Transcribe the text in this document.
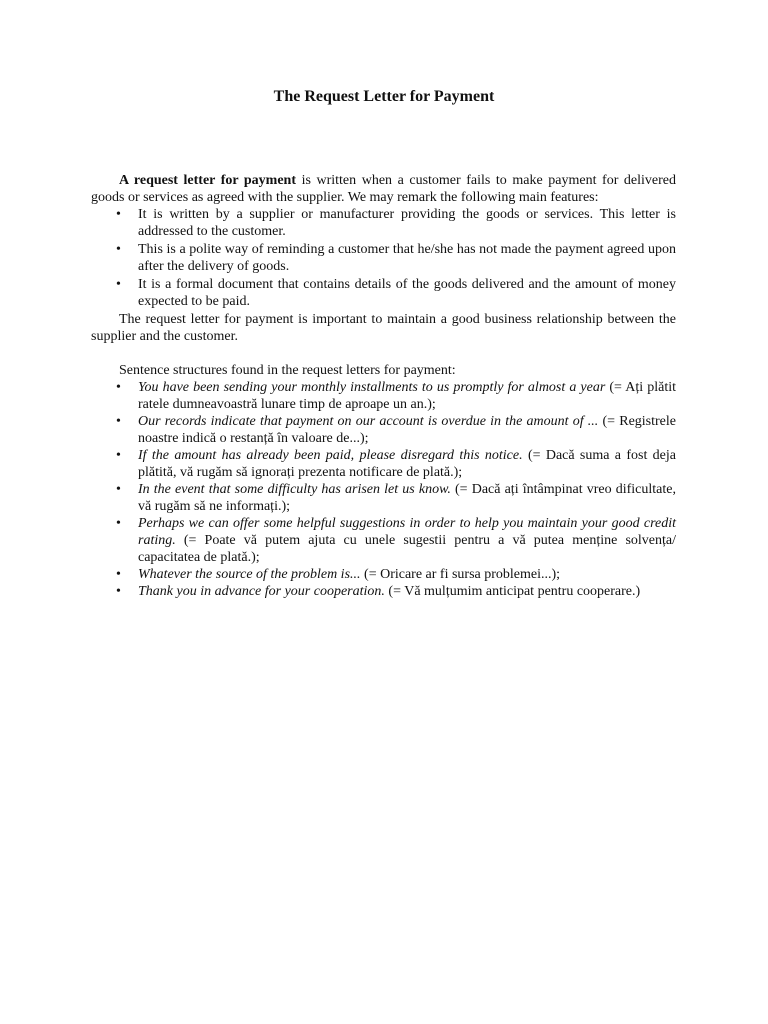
The Request Letter for Payment

A request letter for payment is written when a customer fails to make payment for delivered goods or services as agreed with the supplier. We may remark the following main features:

• It is written by a supplier or manufacturer providing the goods or services. This letter is addressed to the customer.
• This is a polite way of reminding a customer that he/she has not made the payment agreed upon after the delivery of goods.
• It is a formal document that contains details of the goods delivered and the amount of money expected to be paid.

The request letter for payment is important to maintain a good business relationship between the supplier and the customer.

Sentence structures found in the request letters for payment:

• You have been sending your monthly installments to us promptly for almost a year (= Ați plătit ratele dumneavoastră lunare timp de aproape un an.);
• Our records indicate that payment on our account is overdue in the amount of ... (= Registrele noastre indică o restanță în valoare de...);
• If the amount has already been paid, please disregard this notice. (= Dacă suma a fost deja plătită, vă rugăm să ignorați prezenta notificare de plată.);
• In the event that some difficulty has arisen let us know. (= Dacă ați întâmpinat vreo dificultate, vă rugăm să ne informați.);
• Perhaps we can offer some helpful suggestions in order to help you maintain your good credit rating. (= Poate vă putem ajuta cu unele sugestii pentru a vă putea menține solvența/ capacitatea de plată.);
• Whatever the source of the problem is... (= Oricare ar fi sursa problemei...);
• Thank you in advance for your cooperation. (= Vă mulțumim anticipat pentru cooperare.)
